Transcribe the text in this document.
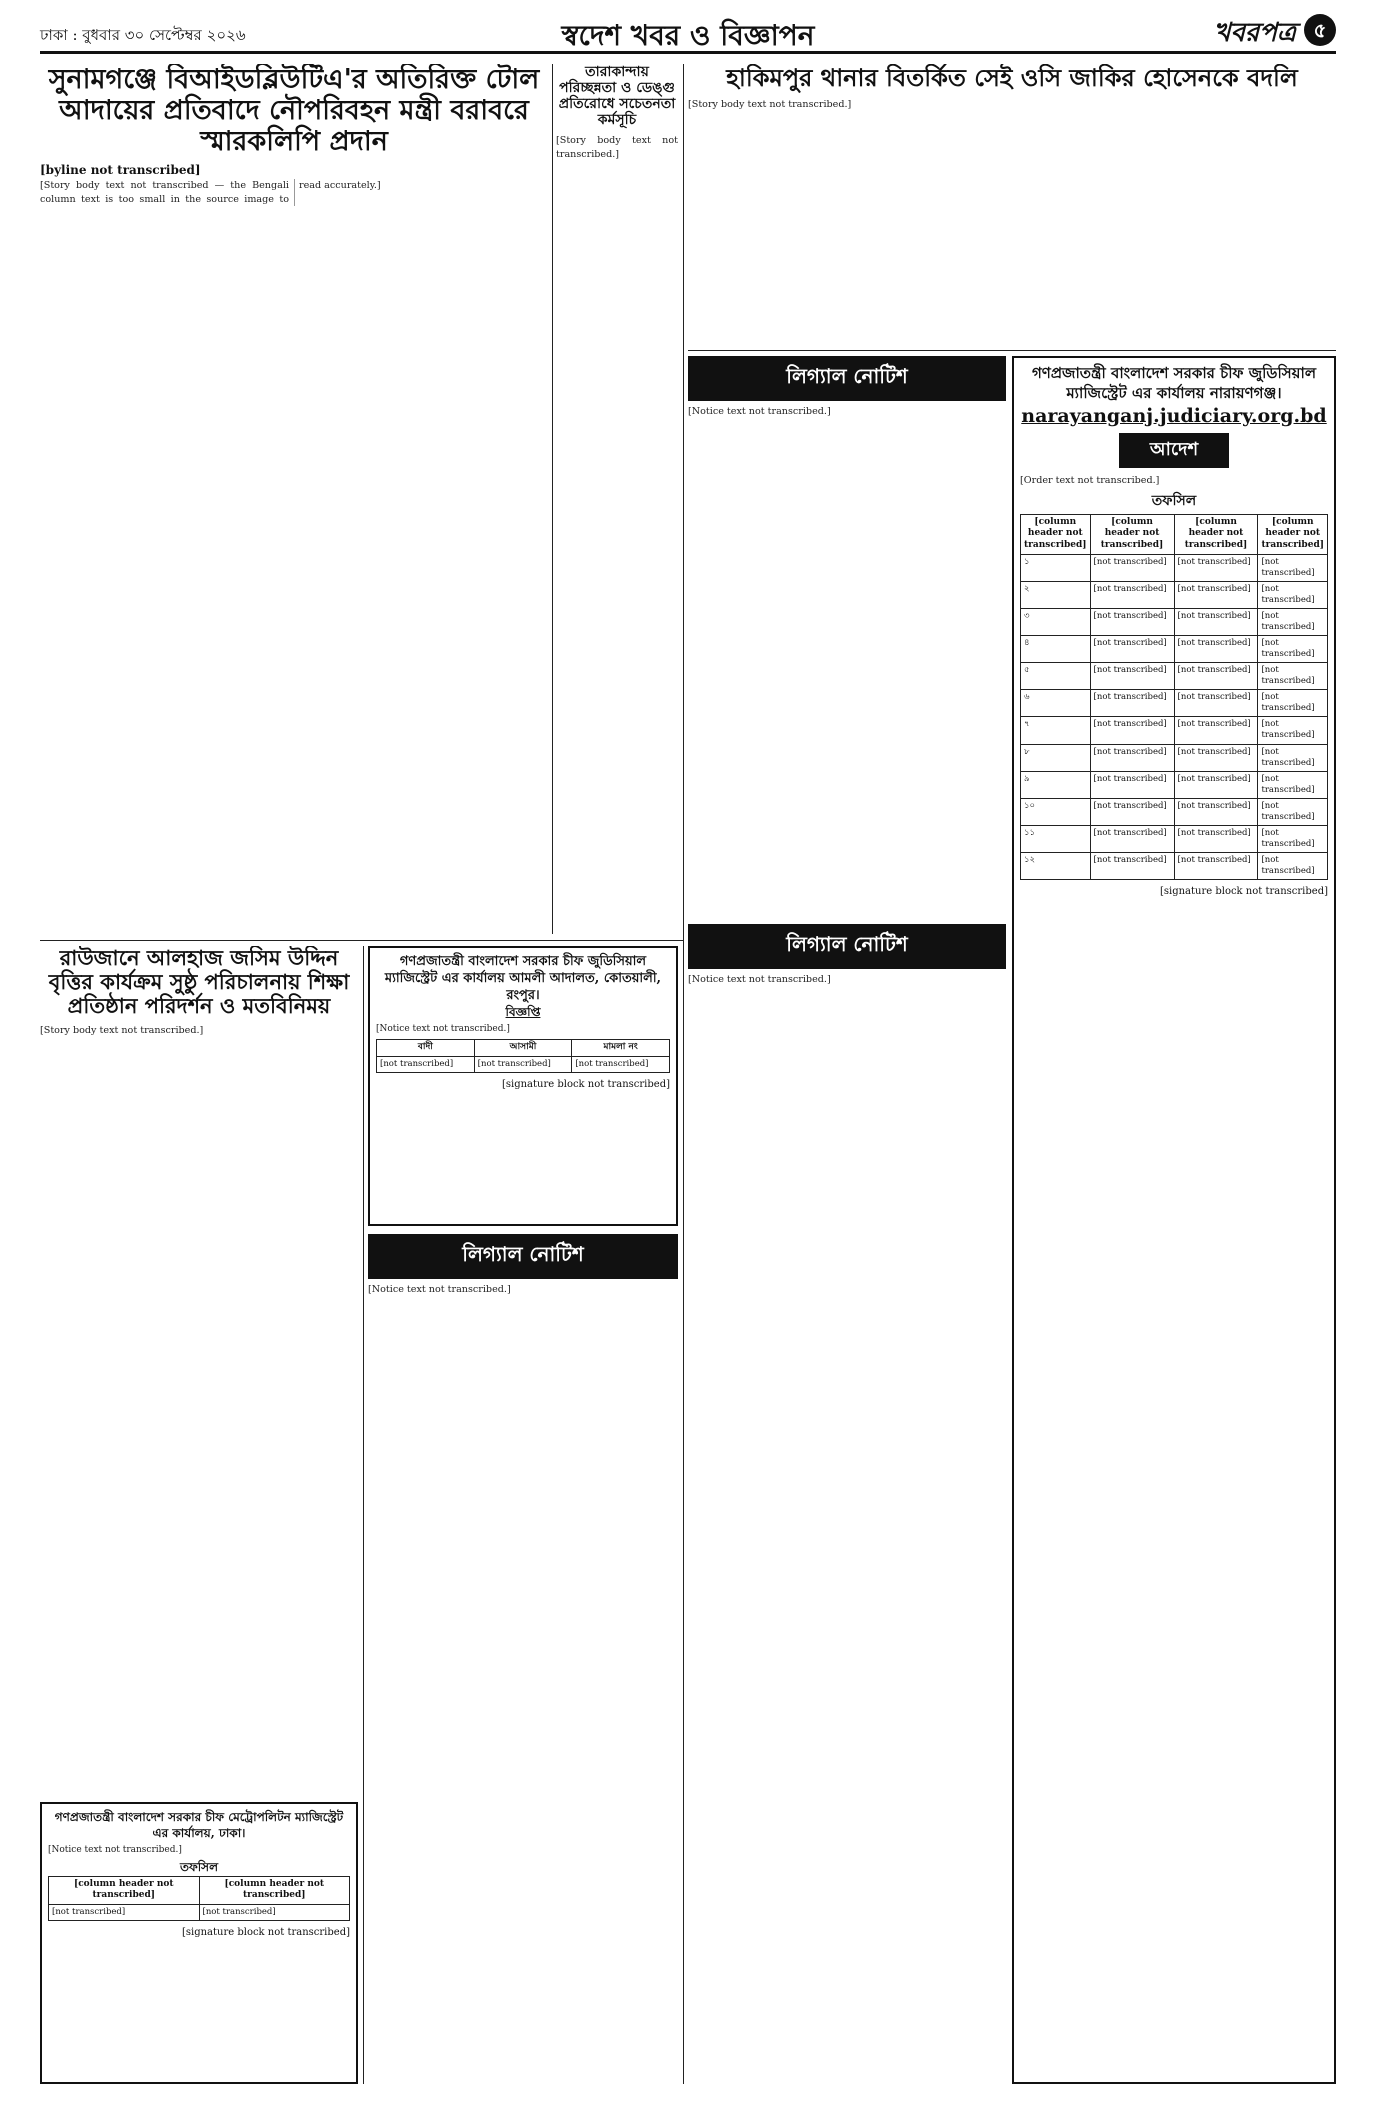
ঢাকা : বুধবার ৩০ সেপ্টেম্বর ২০২৬	স্বদেশ খবর ও বিজ্ঞাপন	খবরপত্র ৫
সুনামগঞ্জে বিআইডব্লিউটিএ'র অতিরিক্ত টোল আদায়ের প্রতিবাদে নৌপরিবহন মন্ত্রী বরাবরে স্মারকলিপি প্রদান
[byline not transcribed]
[Story body text not transcribed — the Bengali column text is too small in the source image to read accurately.]
তারাকান্দায় পরিচ্ছন্নতা ও ডেঙ্গু প্রতিরোধে সচেতনতা কর্মসূচি
[Story body text not transcribed.]
হাকিমপুর থানার বিতর্কিত সেই ওসি জাকির হোসেনকে বদলি
[Story body text not transcribed.]
লিগ্যাল নোটিশ
[Notice text not transcribed.]
লিগ্যাল নোটিশ
[Notice text not transcribed.]
গণপ্রজাতন্ত্রী বাংলাদেশ সরকার চীফ জুডিসিয়াল ম্যাজিস্ট্রেট এর কার্যালয় নারায়ণগঞ্জ।
narayanganj.judiciary.org.bd
আদেশ
[Order text not transcribed.]
তফসিল
[column header not transcribed]	[column header not transcribed]	[column header not transcribed]	[column header not transcribed]
১	[not transcribed]	[not transcribed]	[not transcribed]
২	[not transcribed]	[not transcribed]	[not transcribed]
৩	[not transcribed]	[not transcribed]	[not transcribed]
৪	[not transcribed]	[not transcribed]	[not transcribed]
৫	[not transcribed]	[not transcribed]	[not transcribed]
৬	[not transcribed]	[not transcribed]	[not transcribed]
৭	[not transcribed]	[not transcribed]	[not transcribed]
৮	[not transcribed]	[not transcribed]	[not transcribed]
৯	[not transcribed]	[not transcribed]	[not transcribed]
১০	[not transcribed]	[not transcribed]	[not transcribed]
১১	[not transcribed]	[not transcribed]	[not transcribed]
১২	[not transcribed]	[not transcribed]	[not transcribed]
[signature block not transcribed]
রাউজানে আলহাজ জসিম উদ্দিন বৃত্তির কার্যক্রম সুষ্ঠু পরিচালনায় শিক্ষা প্রতিষ্ঠান পরিদর্শন ও মতবিনিময়
[Story body text not transcribed.]
গণপ্রজাতন্ত্রী বাংলাদেশ সরকার চীফ জুডিসিয়াল ম্যাজিস্ট্রেট এর কার্যালয় আমলী আদালত, কোতয়ালী, রংপুর।
বিজ্ঞপ্তি
[Notice text not transcribed.]
বাদী	আসামী	মামলা নং
[not transcribed]	[not transcribed]	[not transcribed]
[signature block not transcribed]
লিগ্যাল নোটিশ
[Notice text not transcribed.]
গণপ্রজাতন্ত্রী বাংলাদেশ সরকার চীফ মেট্রোপলিটন ম্যাজিস্ট্রেট এর কার্যালয়, ঢাকা।
[Notice text not transcribed.]
তফসিল
[column header not transcribed]	[column header not transcribed]
[not transcribed]	[not transcribed]
[signature block not transcribed]
